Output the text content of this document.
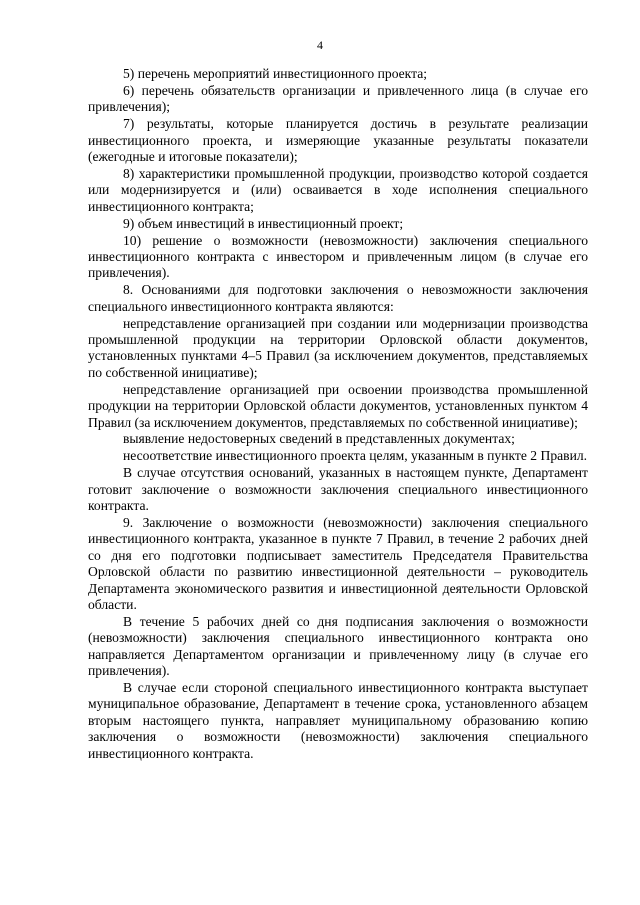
4

5) перечень мероприятий инвестиционного проекта;

6) перечень обязательств организации и привлеченного лица (в случае его привлечения);

7) результаты, которые планируется достичь в результате реализации инвестиционного проекта, и измеряющие указанные результаты показатели (ежегодные и итоговые показатели);

8) характеристики промышленной продукции, производство которой создается или модернизируется и (или) осваивается в ходе исполнения специального инвестиционного контракта;

9) объем инвестиций в инвестиционный проект;

10) решение о возможности (невозможности) заключения специального инвестиционного контракта с инвестором и привлеченным лицом (в случае его привлечения).

8. Основаниями для подготовки заключения о невозможности заключения специального инвестиционного контракта являются:

непредставление организацией при создании или модернизации производства промышленной продукции на территории Орловской области документов, установленных пунктами 4–5 Правил (за исключением документов, представляемых по собственной инициативе);

непредставление организацией при освоении производства промышленной продукции на территории Орловской области документов, установленных пунктом 4 Правил (за исключением документов, представляемых по собственной инициативе);

выявление недостоверных сведений в представленных документах;

несоответствие инвестиционного проекта целям, указанным в пункте 2 Правил.

В случае отсутствия оснований, указанных в настоящем пункте, Департамент готовит заключение о возможности заключения специального инвестиционного контракта.

9. Заключение о возможности (невозможности) заключения специального инвестиционного контракта, указанное в пункте 7 Правил, в течение 2 рабочих дней со дня его подготовки подписывает заместитель Председателя Правительства Орловской области по развитию инвестиционной деятельности – руководитель Департамента экономического развития и инвестиционной деятельности Орловской области.

В течение 5 рабочих дней со дня подписания заключения о возможности (невозможности) заключения специального инвестиционного контракта оно направляется Департаментом организации и привлеченному лицу (в случае его привлечения).

В случае если стороной специального инвестиционного контракта выступает муниципальное образование, Департамент в течение срока, установленного абзацем вторым настоящего пункта, направляет муниципальному образованию копию заключения о возможности (невозможности) заключения специального инвестиционного контракта.
